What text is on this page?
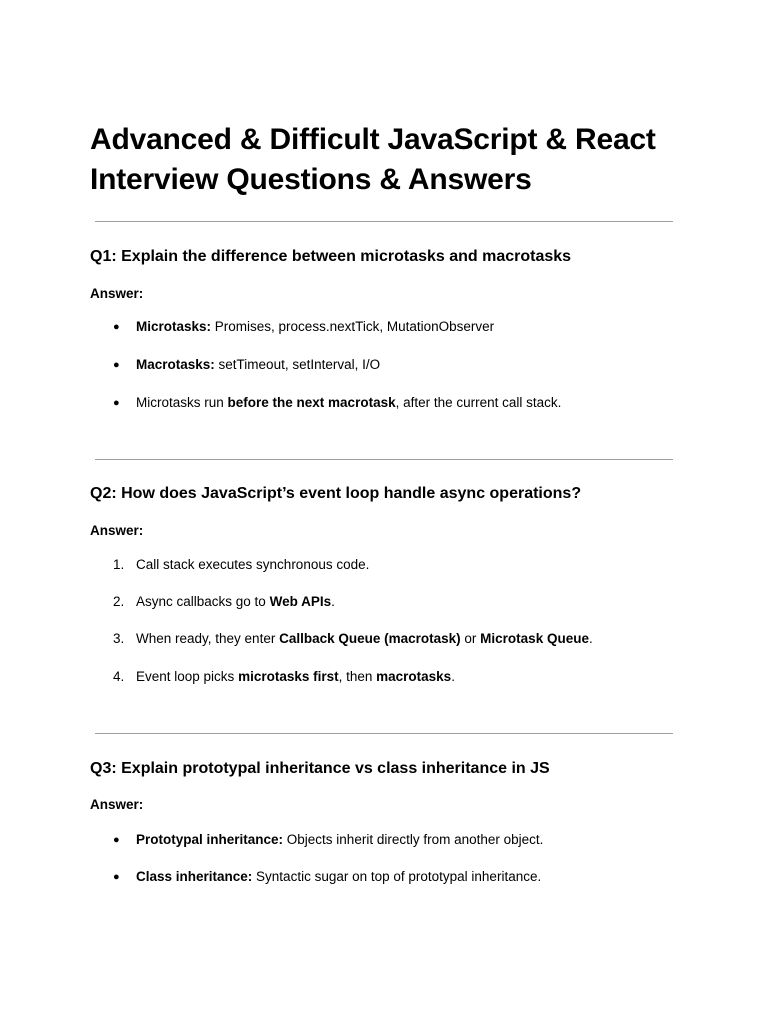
Advanced & Difficult JavaScript & React
Interview Questions & Answers
Q1: Explain the difference between microtasks and macrotasks

Answer:

●	Microtasks: Promises, process.nextTick, MutationObserver
●	Macrotasks: setTimeout, setInterval, I/O
●	Microtasks run before the next macrotask, after the current call stack.
Q2: How does JavaScript’s event loop handle async operations?

Answer:

1. Call stack executes synchronous code.
2. Async callbacks go to Web APIs.
3. When ready, they enter Callback Queue (macrotask) or Microtask Queue.
4. Event loop picks microtasks first, then macrotasks.
Q3: Explain prototypal inheritance vs class inheritance in JS

Answer:

●	Prototypal inheritance: Objects inherit directly from another object.
●	Class inheritance: Syntactic sugar on top of prototypal inheritance.
